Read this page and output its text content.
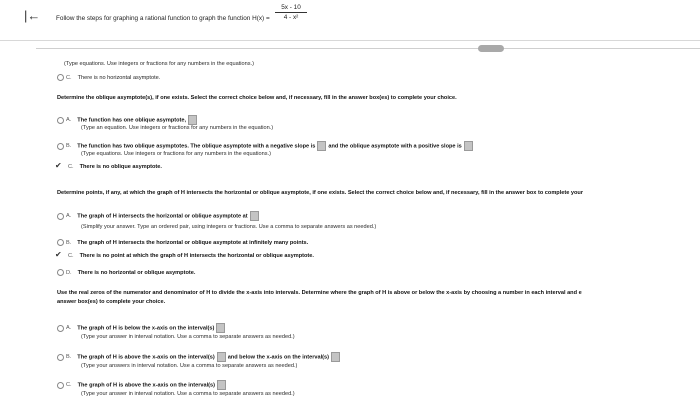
|← Follow the steps for graphing a rational function to graph the function $H(x) = \frac{5x - 10}{\text{4 - x²}}$
(Type equations. Use integers or fractions for any numbers in the equations.)
C. There is no horizontal asymptote.
Determine the oblique asymptote(s), if one exists. Select the correct choice below and, if necessary, fill in the answer box(es) to complete your choice.
A. The function has one oblique asymptote,
(Type an equation. Use integers or fractions for any numbers in the equation.)
B. The function has two oblique asymptotes. The oblique asymptote with a negative slope is and the oblique asymptote with a positive slope is
(Type equations. Use integers or fractions for any numbers in the equations.)
✔ C. There is no oblique asymptote.
Determine points, if any, at which the graph of H intersects the horizontal or oblique asymptote, if one exists. Select the correct choice below and, if necessary, fill in the answer box to complete your
A. The graph of H intersects the horizontal or oblique asymptote at
(Simplify your answer. Type an ordered pair, using integers or fractions. Use a comma to separate answers as needed.)
B. The graph of H intersects the horizontal or oblique asymptote at infinitely many points.
✔ C. There is no point at which the graph of H intersects the horizontal or oblique asymptote.
D. There is no horizontal or oblique asymptote.
Use the real zeros of the numerator and denominator of H to divide the x-axis into intervals. Determine where the graph of H is above or below the x-axis by choosing a number in each interval and e
answer box(es) to complete your choice.
A. The graph of H is below the x-axis on the interval(s)
(Type your answer in interval notation. Use a comma to separate answers as needed.)
B. The graph of H is above the x-axis on the interval(s) and below the x-axis on the interval(s)
(Type your answers in interval notation. Use a comma to separate answers as needed.)
C. The graph of H is above the x-axis on the interval(s)
(Type your answer in interval notation. Use a comma to separate answers as needed.)
